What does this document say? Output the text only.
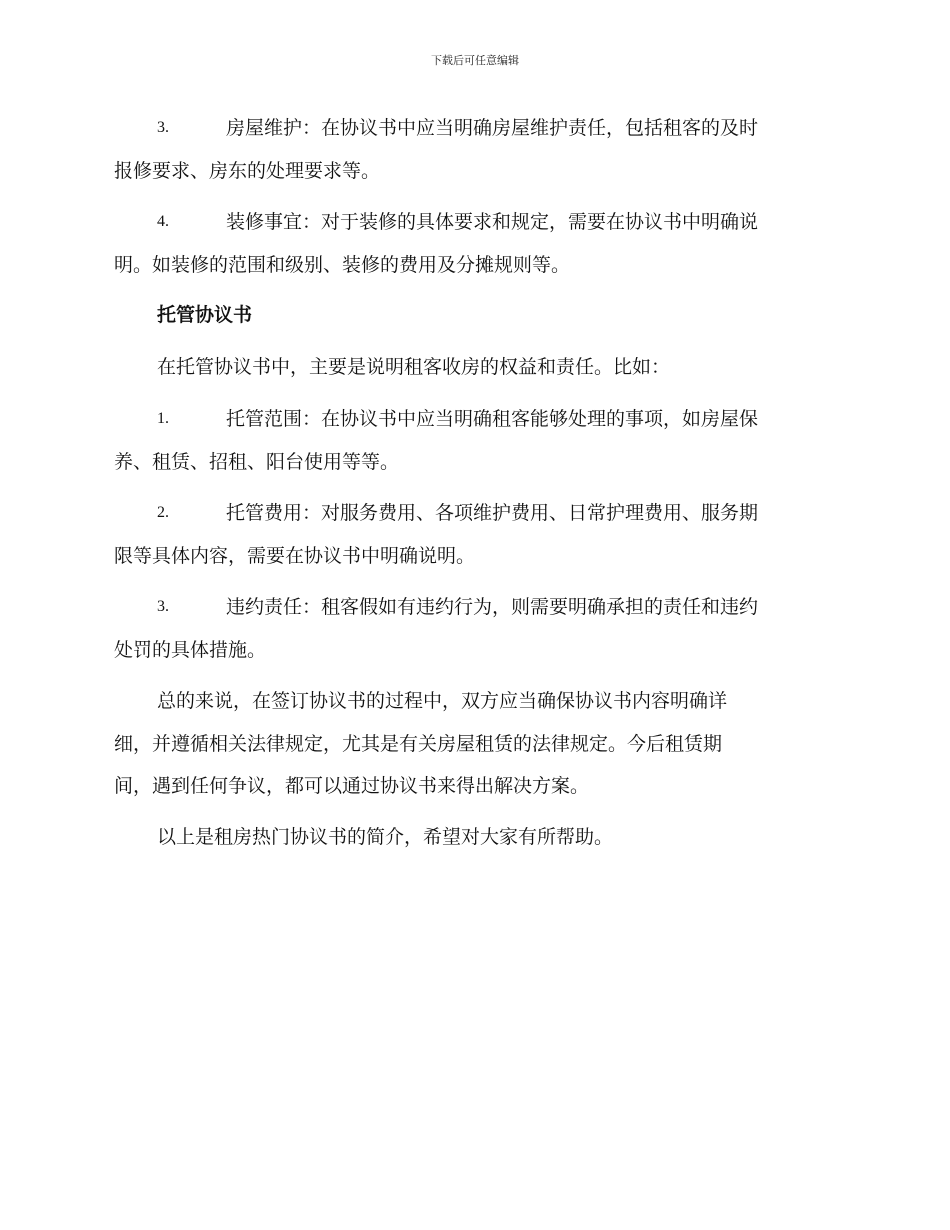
下载后可任意编辑
3.	房屋维护：在协议书中应当明确房屋维护责任，包括租客的及时
报修要求、房东的处理要求等。
4.	装修事宜：对于装修的具体要求和规定，需要在协议书中明确说
明。如装修的范围和级别、装修的费用及分摊规则等。
托管协议书
在托管协议书中，主要是说明租客收房的权益和责任。比如：
1.	托管范围：在协议书中应当明确租客能够处理的事项，如房屋保
养、租赁、招租、阳台使用等等。
2.	托管费用：对服务费用、各项维护费用、日常护理费用、服务期
限等具体内容，需要在协议书中明确说明。
3.	违约责任：租客假如有违约行为，则需要明确承担的责任和违约
处罚的具体措施。
总的来说，在签订协议书的过程中，双方应当确保协议书内容明确详
细，并遵循相关法律规定，尤其是有关房屋租赁的法律规定。今后租赁期
间，遇到任何争议，都可以通过协议书来得出解决方案。
以上是租房热门协议书的简介，希望对大家有所帮助。
